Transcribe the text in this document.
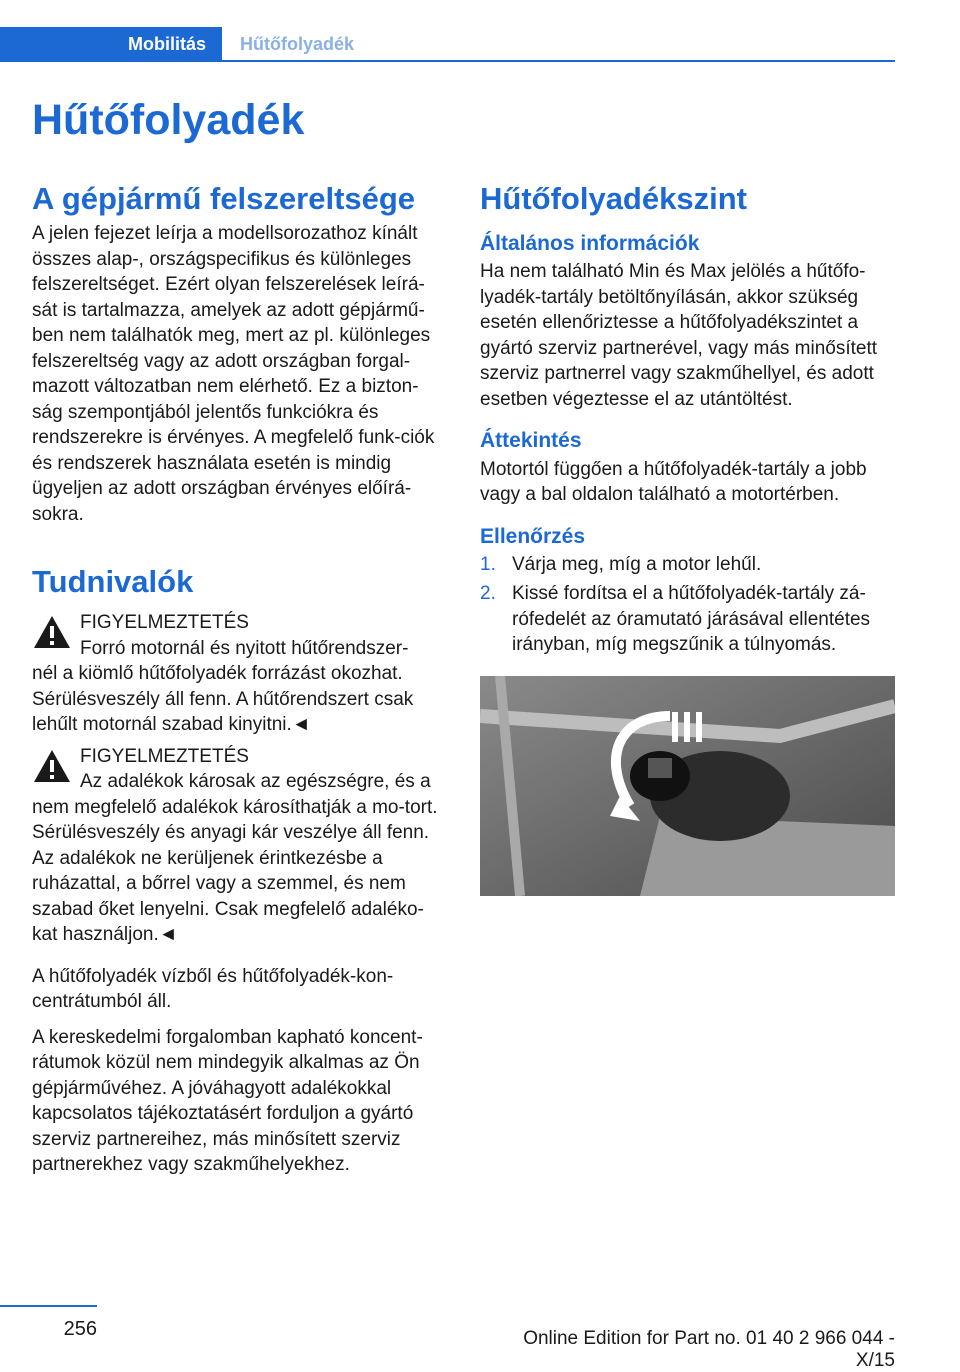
Mobilitás	Hűtőfolyadék
Hűtőfolyadék
A gépjármű felszereltsége

A jelen fejezet leírja a modellsorozathoz kínált összes alap-, országspecifikus és különleges felszereltséget. Ezért olyan felszerelések leírá-sát is tartalmazza, amelyek az adott gépjármű-ben nem találhatók meg, mert az pl. különleges felszereltség vagy az adott országban forgal-mazott változatban nem elérhető. Ez a bizton-ság szempontjából jelentős funkciókra és rendszerekre is érvényes. A megfelelő funk-ciók és rendszerek használata esetén is mindig ügyeljen az adott országban érvényes előírá-sokra.

Tudnivalók
FIGYELMEZTETÉS
Forró motornál és nyitott hűtőrendszer-
nél a kiömlő hűtőfolyadék forrázást okozhat. Sérülésveszély áll fenn. A hűtőrendszert csak lehűlt motornál szabad kinyitni.◄
FIGYELMEZTETÉS
Az adalékok károsak az egészségre, és a
nem megfelelő adalékok károsíthatják a mo-tort. Sérülésveszély és anyagi kár veszélye áll fenn. Az adalékok ne kerüljenek érintkezésbe a ruházattal, a bőrrel vagy a szemmel, és nem szabad őket lenyelni. Csak megfelelő adaléko-kat használjon.◄

A hűtőfolyadék vízből és hűtőfolyadék-kon-centrátumból áll.

A kereskedelmi forgalomban kapható koncent-rátumok közül nem mindegyik alkalmas az Ön gépjárművéhez. A jóváhagyott adalékokkal kapcsolatos tájékoztatásért forduljon a gyártó szerviz partnereihez, más minősített szerviz partnerekhez vagy szakműhelyekhez.

Hűtőfolyadékszint
Általános információk

Ha nem található Min és Max jelölés a hűtőfo-lyadék-tartály betöltőnyílásán, akkor szükség esetén ellenőriztesse a hűtőfolyadékszintet a gyártó szerviz partnerével, vagy más minősített szerviz partnerrel vagy szakműhellyel, és adott esetben végeztesse el az utántöltést.

Áttekintés

Motortól függően a hűtőfolyadék-tartály a jobb vagy a bal oldalon található a motortérben.

Ellenőrzés
1. Várja meg, míg a motor lehűl.
2. Kissé fordítsa el a hűtőfolyadék-tartály zá-rófedelét az óramutató járásával ellentétes irányban, míg megszűnik a túlnyomás.
256	Online Edition for Part no. 01 40 2 966 044 - X/15
